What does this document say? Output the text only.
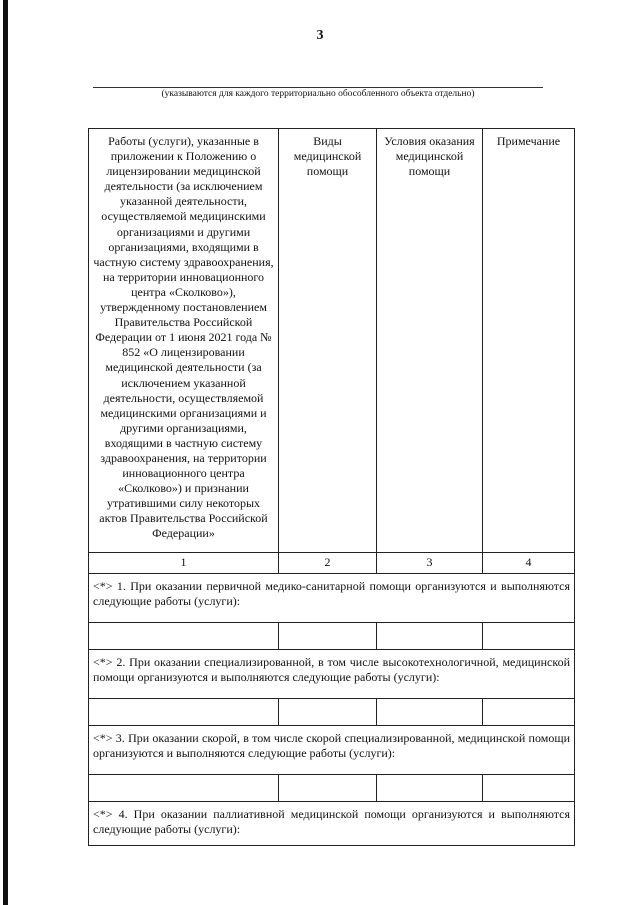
3
(указываются для каждого территориально обособленного объекта отдельно)
Работы (услуги), указанные в приложении к Положению о лицензировании медицинской деятельности (за исключением указанной деятельности, осуществляемой медицинскими организациями и другими организациями, входящими в частную систему здравоохранения, на территории инновационного центра «Сколково»), утвержденному постановлением Правительства Российской Федерации от 1 июня 2021 года № 852 «О лицензировании медицинской деятельности (за исключением указанной деятельности, осуществляемой медицинскими организациями и другими организациями, входящими в частную систему здравоохранения, на территории инновационного центра «Сколково») и признании утратившими силу некоторых актов Правительства Российской Федерации»	Виды медицинской помощи	Условия оказания медицинской помощи	Примечание

1	2	3	4
<*> 1. При оказании первичной медико-санитарной помощи организуются и выполняются следующие работы (услуги):			

<*> 2. При оказании специализированной, в том числе высокотехнологичной, медицинской помощи организуются и выполняются следующие работы (услуги):			

<*> 3. При оказании скорой, в том числе скорой специализированной, медицинской помощи организуются и выполняются следующие работы (услуги):			

<*> 4. При оказании паллиативной медицинской помощи организуются и выполняются следующие работы (услуги):			
